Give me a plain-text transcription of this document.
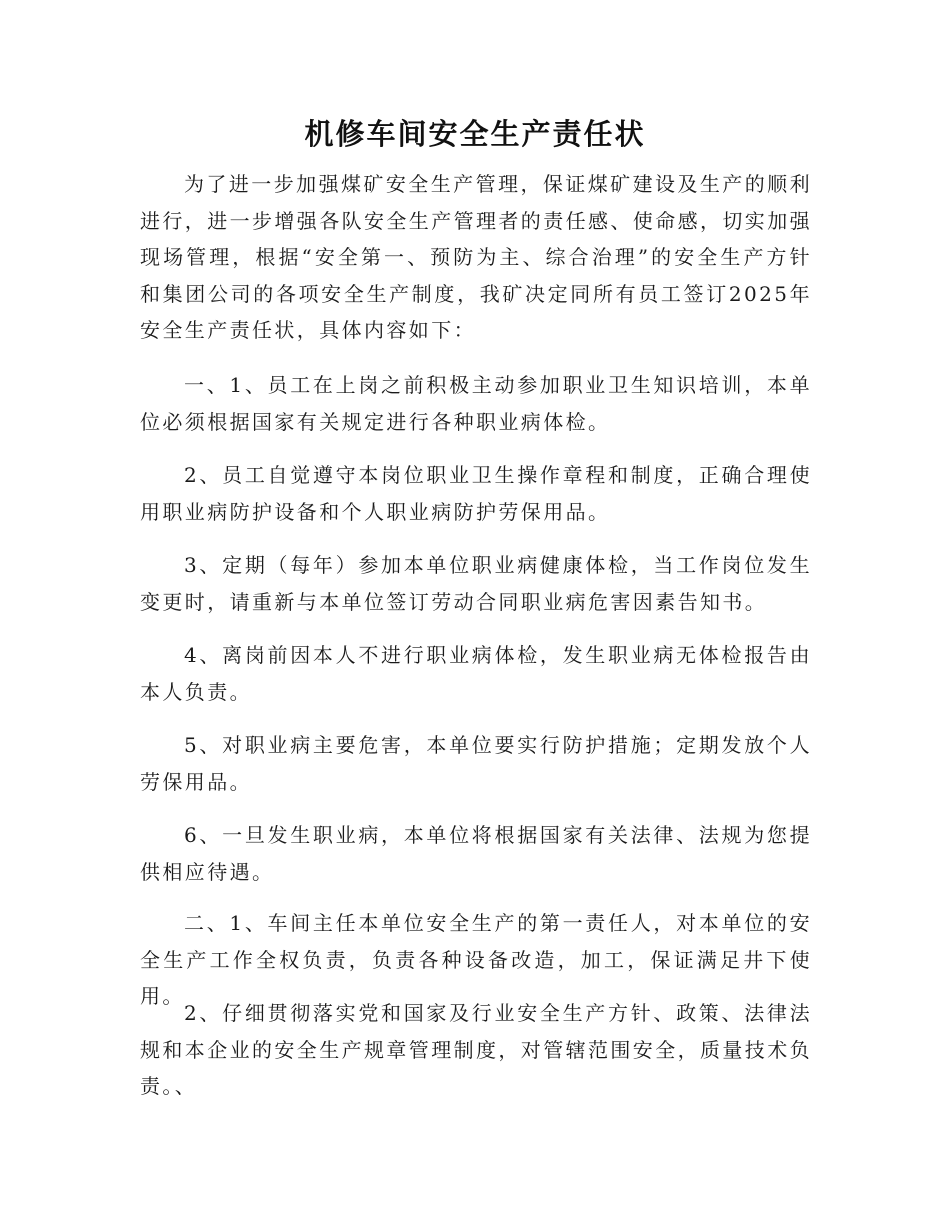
机修车间安全生产责任状

为了进一步加强煤矿安全生产管理，保证煤矿建设及生产的顺利进行，进一步增强各队安全生产管理者的责任感、使命感，切实加强现场管理，根据“安全第一、预防为主、综合治理”的安全生产方针和集团公司的各项安全生产制度，我矿决定同所有员工签订2025年安全生产责任状，具体内容如下：

一、1、员工在上岗之前积极主动参加职业卫生知识培训，本单位必须根据国家有关规定进行各种职业病体检。

2、员工自觉遵守本岗位职业卫生操作章程和制度，正确合理使用职业病防护设备和个人职业病防护劳保用品。

3、定期（每年）参加本单位职业病健康体检，当工作岗位发生变更时，请重新与本单位签订劳动合同职业病危害因素告知书。

4、离岗前因本人不进行职业病体检，发生职业病无体检报告由本人负责。

5、对职业病主要危害，本单位要实行防护措施；定期发放个人劳保用品。

6、一旦发生职业病，本单位将根据国家有关法律、法规为您提供相应待遇。

二、1、车间主任本单位安全生产的第一责任人，对本单位的安全生产工作全权负责，负责各种设备改造，加工，保证满足井下使用。

2、仔细贯彻落实党和国家及行业安全生产方针、政策、法律法规和本企业的安全生产规章管理制度，对管辖范围安全，质量技术负责。、
